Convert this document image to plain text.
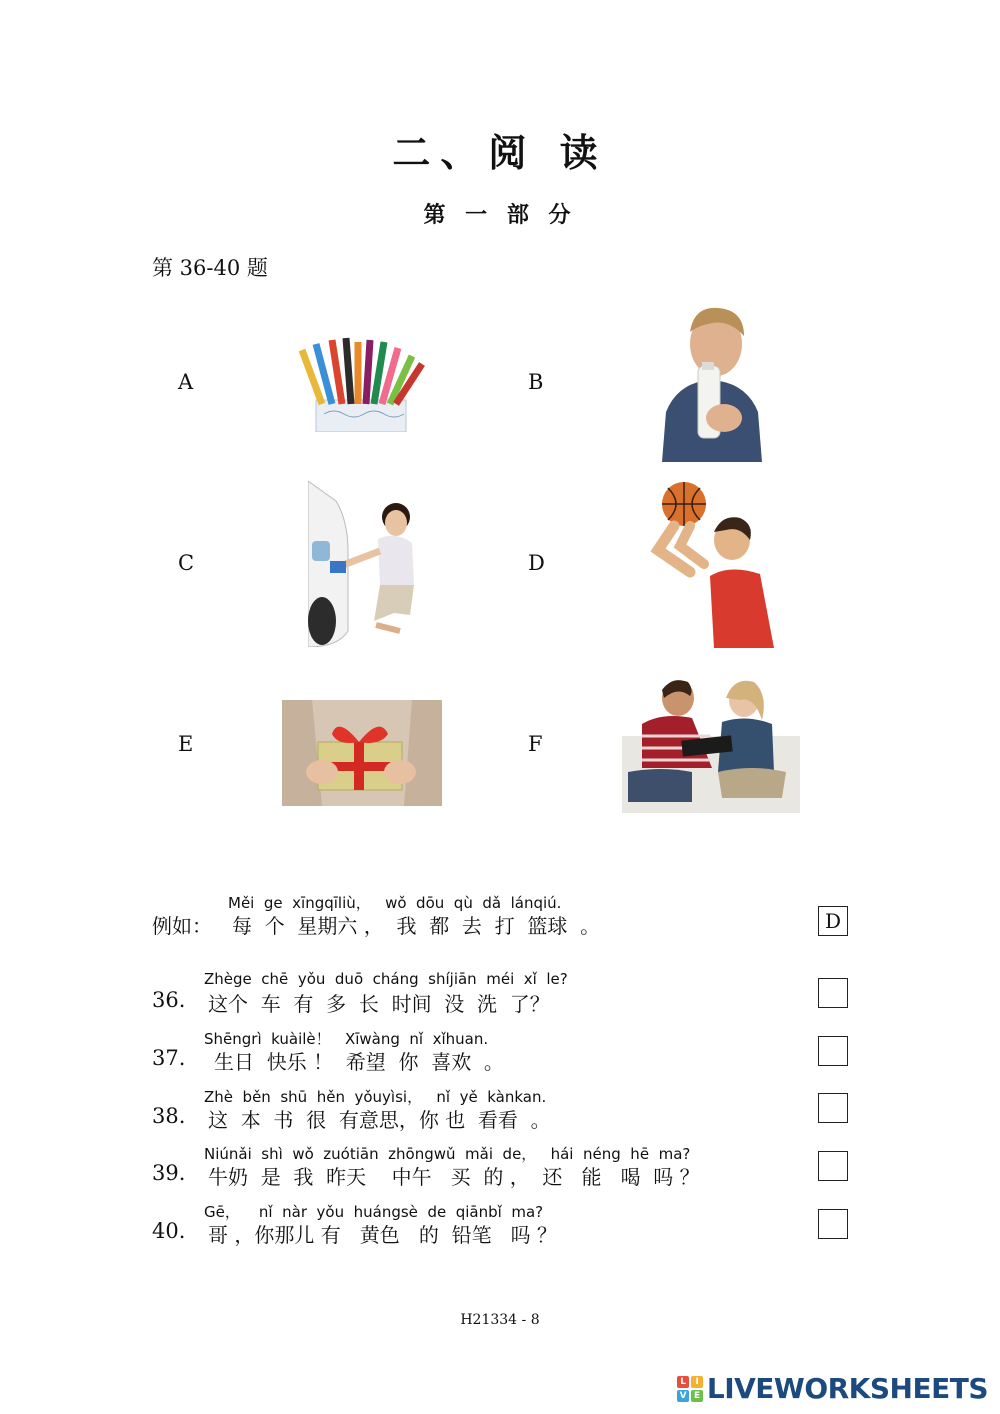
二、阅 读
第 一 部 分
第 36-40 题
A	B
C	D
E	F
Měi  ge  xīngqīliù，   wǒ  dōu  qù  dǎ  lánqiú.
例如：	每  个  星期六 ，  我  都  去  打  篮球  。	D
Zhège  chē  yǒu  duō  cháng  shíjiān  méi  xǐ  le?
36. 这个  车  有  多  长  时间  没  洗  了？
Shēngrì  kuàilè！   Xīwàng  nǐ  xǐhuan.
37. 生日  快乐 ！  希望  你  喜欢  。
Zhè  běn  shū  hěn  yǒuyìsi，   nǐ  yě  kànkan.
38. 这  本  书  很  有意思，你 也  看看  。
Niúnǎi  shì  wǒ  zuótiān  zhōngwǔ  mǎi  de，   hái  néng  hē  ma?
39. 牛奶  是  我  昨天    中午   买  的 ，  还   能   喝  吗 ？
Gē，    nǐ  nàr  yǒu  huángsè  de  qiānbǐ  ma?
40. 哥 ，你那儿 有   黄色   的  铅笔   吗 ？
H21334 - 8
L	I
V E LIVEWORKSHEETS
